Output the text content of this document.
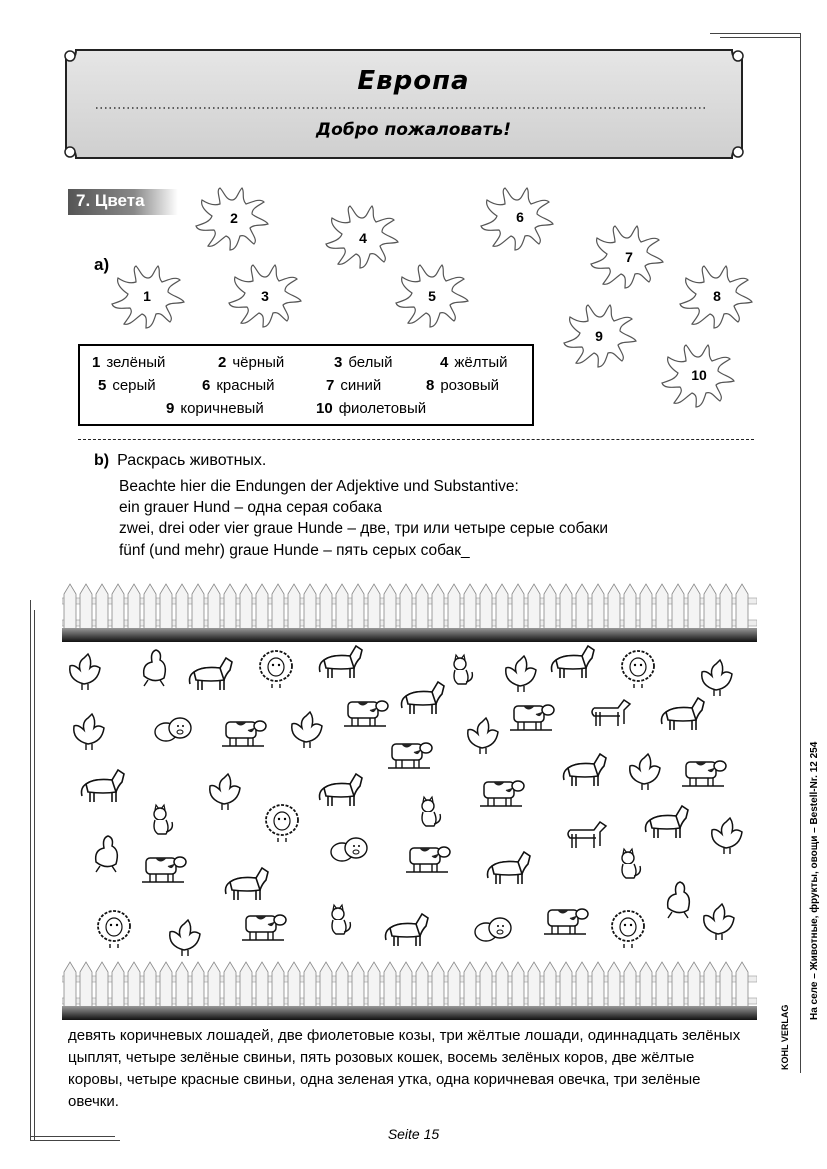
Европа
Добро пожаловать!
7. Цвета
a)
1
2
3
4
5
6
7
8
9
10
1 зелёный	2 чёрный	3 белый	4 жёлтый
5 серый	6 красный	7 синий	8 розовый
9 коричневый	10 фиолетовый
b) Раскрась животных.
Beachte hier die Endungen der Adjektive und Substantive:
ein grauer Hund – одна серая собака
zwei, drei oder vier graue Hunde – две, три или четыре серые собаки
fünf (und mehr) graue Hunde – пять серых собак_
девять коричневых лошадей, две фиолетовые козы, три жёлтые лошади, одиннадцать зелёных цыплят, четыре зелёные свиньи, пять розовых кошек, восемь зелёных коров, две жёлтые коровы, четыре красные свиньи, одна зеленая утка, одна коричневая овечка, три зелёные овечки.
Seite 15
На селе – Животные, фрукты, овощи – Bestell-Nr. 12 254
KOHL VERLAG
